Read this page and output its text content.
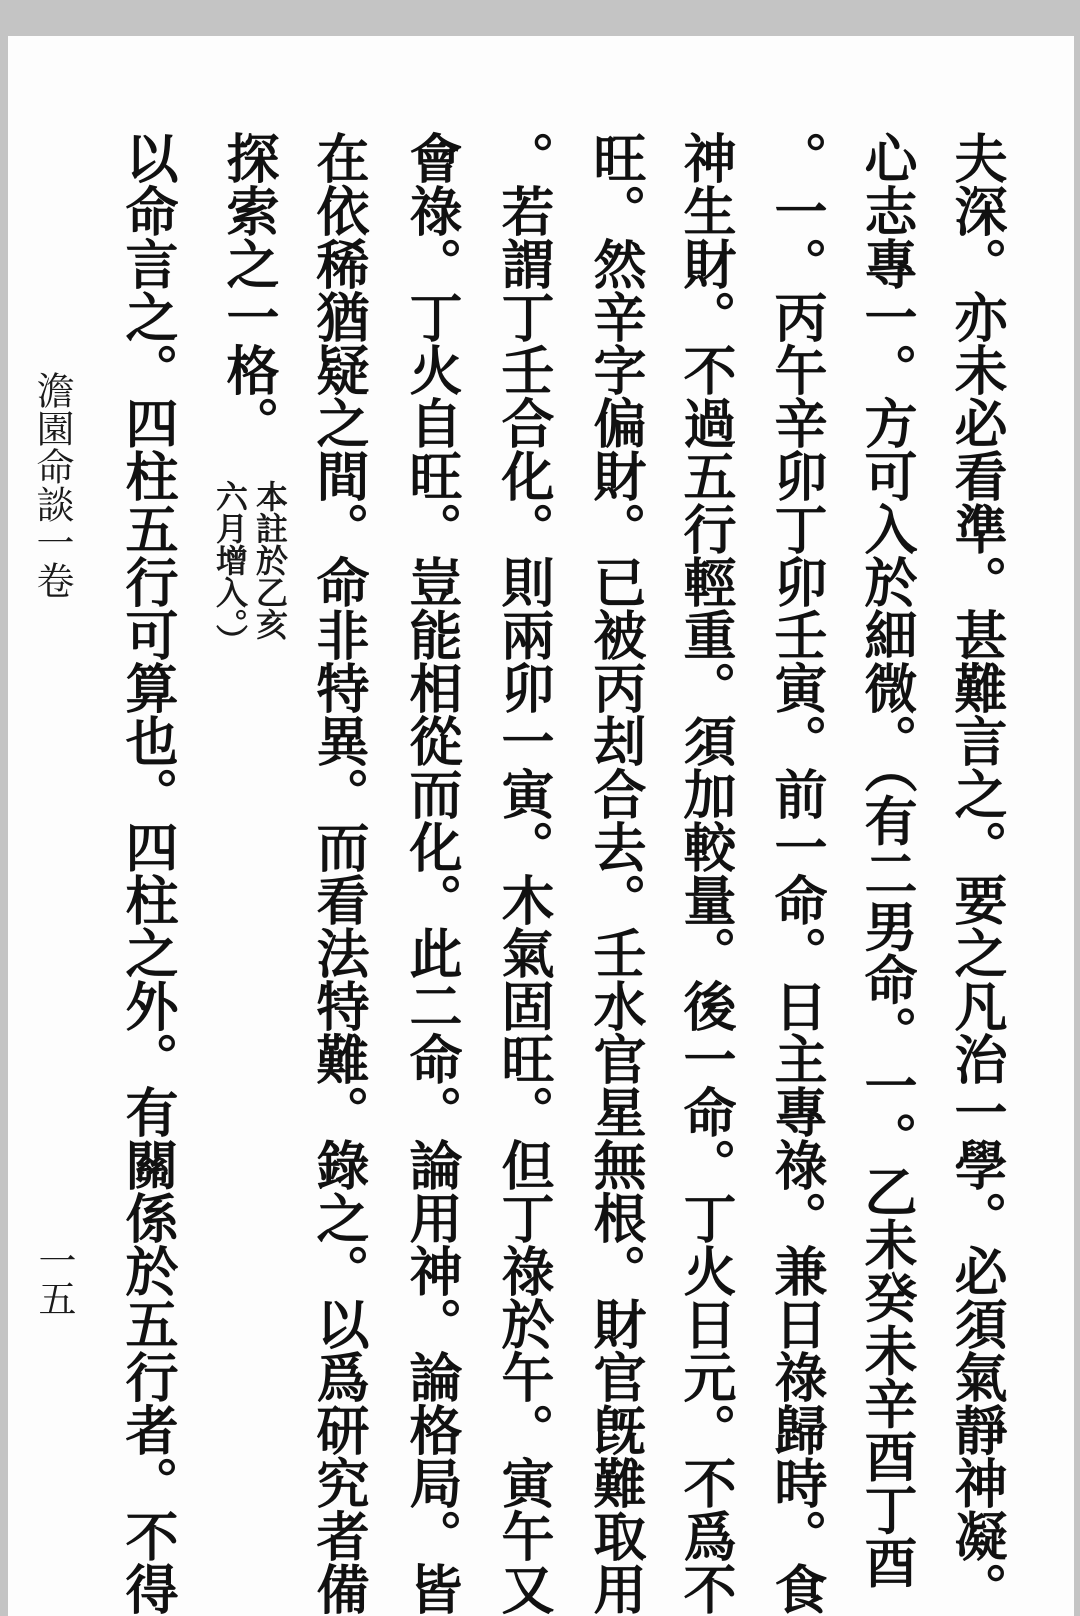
夫深。亦未必看準。甚難言之。要之凡治一學。必須氣靜神凝。
心志專一。方可入於細微。（有二男命。一。乙未癸未辛酉丁酉
。一。丙午辛卯丁卯壬寅。前一命。日主專祿。兼日祿歸時。食
神生財。不過五行輕重。須加較量。後一命。丁火日元。不爲不
旺。然辛字偏財。已被丙刦合去。壬水官星無根。財官旣難取用
。若謂丁壬合化。則兩卯一寅。木氣固旺。但丁祿於午。寅午又
會祿。丁火自旺。豈能相從而化。此二命。論用神。論格局。皆
在依稀猶疑之間。命非特異。而看法特難。錄之。以爲研究者備
探索之一格。
本註於乙亥
六月增入。）
以命言之。四柱五行可算也。四柱之外。有關係於五行者。不得
澹園命談一卷
一五
